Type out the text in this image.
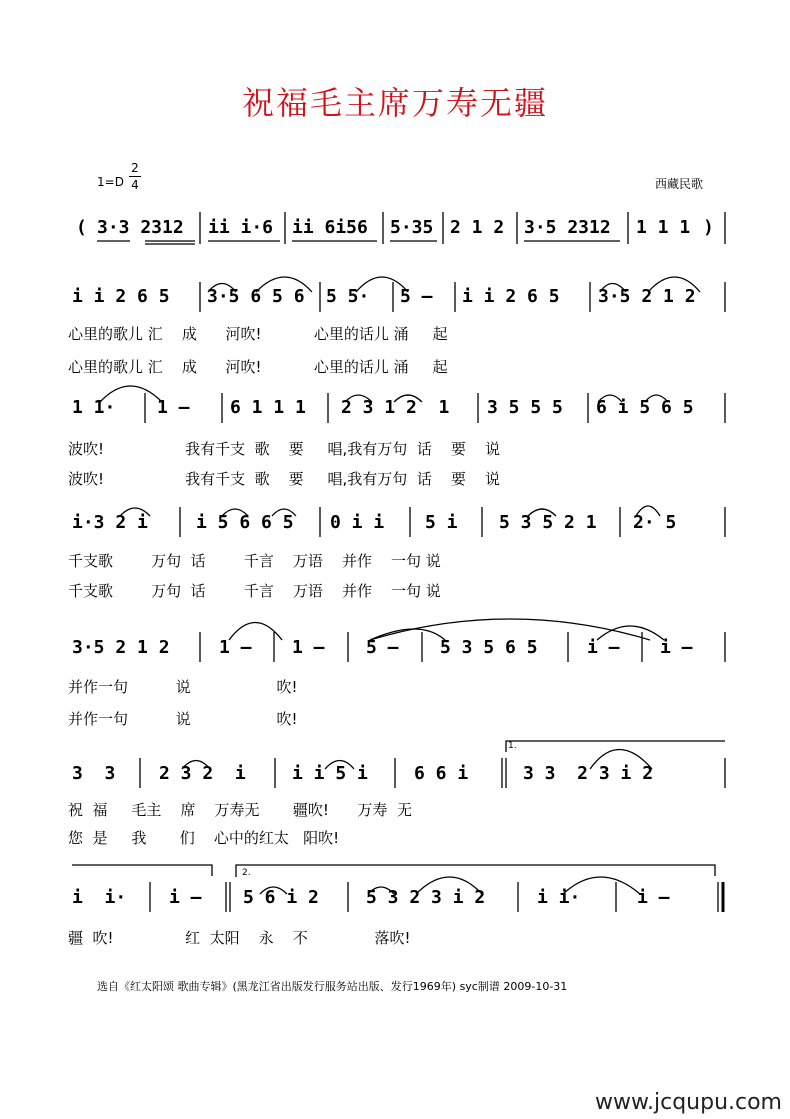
祝福毛主席万寿无疆
1=D
2
4	西藏民歌
( 3·3 2312 ii i·6 ii 6i56 5·35 2 1 2 3·5 2312 1 1 1 )
i i 2 6 5 3·5 6 5 6 5 5· 5 – i i 2 6 5 3·5 2 1 2
心里的歌儿 汇    成      河吹!           心里的话儿 涌     起
心里的歌儿 汇    成      河吹!           心里的话儿 涌     起
1 1· 1 – 6 1 1 1 2 3 1 2  1 3 5 5 5 6 i 5 6 5
波吹!                 我有千支  歌    要     唱,我有万句  话    要    说
波吹!                 我有千支  歌    要     唱,我有万句  话    要    说
i·3 2 i	i 5 6 6 5 0 i i 5 i 5 3 5 2 1 2· 5
千支歌        万句  话        千言    万语    并作    一句 说
千支歌        万句  话        千言    万语    并作    一句 说
3·5 2 1 2	1 – 1 – 5 – 5 3 5 6 5	i – i –
并作一句          说                  吹!
并作一句          说                  吹!
3  3 2 3 2  i	i i 5 i	6 6 i	3 3  2 3 i 2
1.
祝  福     毛主    席    万寿无       疆吹!      万寿  无
您  是     我       们    心中的红太   阳吹!
i  i· i – 5 6 i 2	5 3 2 3 i 2	i i·	i –
2.
疆  吹!               红  太阳    永    不              落吹!
选自《红太阳颂 歌曲专辑》(黑龙江省出版发行服务站出版、发行1969年) syc制谱 2009-10-31
www.jcqupu.com
